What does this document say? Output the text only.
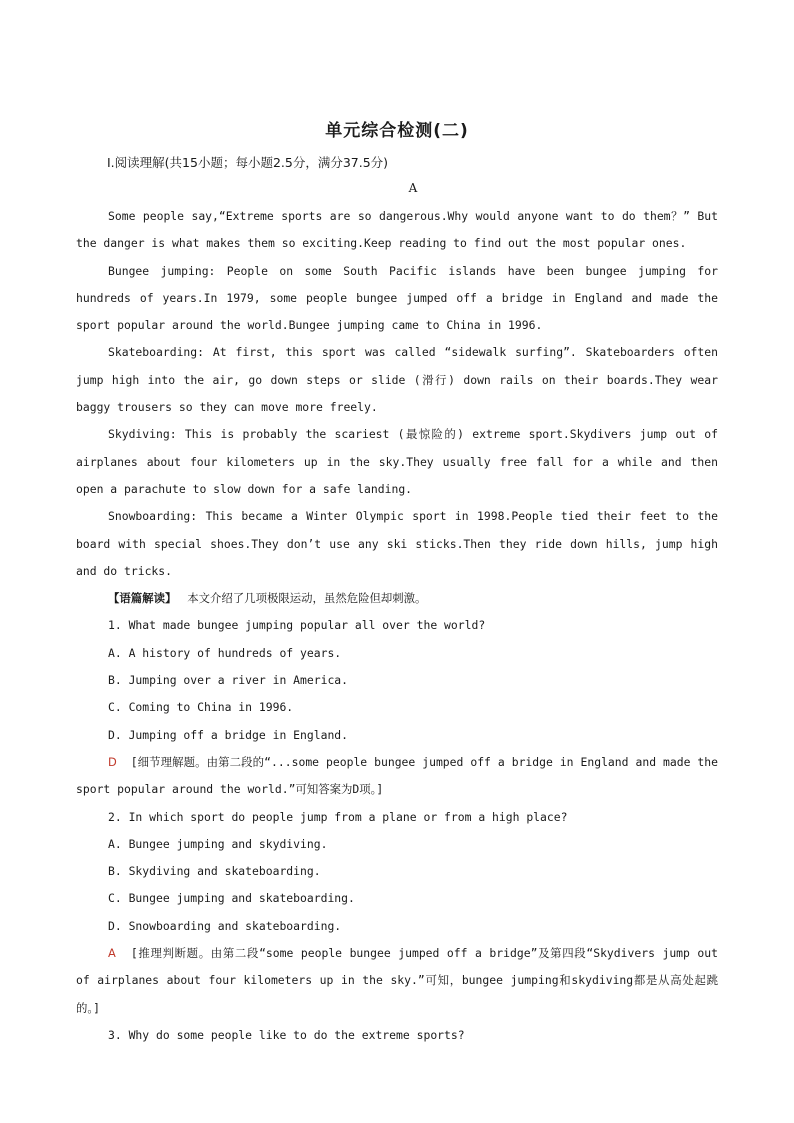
单元综合检测(二)
Ⅰ.阅读理解(共15小题；每小题2.5分，满分37.5分)
A

Some people say,“Extreme sports are so dangerous.Why would anyone want to do them？” But the danger is what makes them so exciting.Keep reading to find out the most popular ones.

Bungee jumping: People on some South Pacific islands have been bungee jumping for hundreds of years.In 1979, some people bungee jumped off a bridge in England and made the sport popular around the world.Bungee jumping came to China in 1996.

Skateboarding: At first, this sport was called “sidewalk surfing”. Skateboarders often jump high into the air, go down steps or slide (滑行) down rails on their boards.They wear baggy trousers so they can move more freely.

Skydiving: This is probably the scariest (最惊险的) extreme sport.Skydivers jump out of airplanes about four kilometers up in the sky.They usually free fall for a while and then open a parachute to slow down for a safe landing.

Snowboarding: This became a Winter Olympic sport in 1998.People tied their feet to the board with special shoes.They don’t use any ski sticks.Then they ride down hills, jump high and do tricks.

【语篇解读】 本文介绍了几项极限运动，虽然危险但却刺激。

1. What made bungee jumping popular all over the world?

A. A history of hundreds of years.

B. Jumping over a river in America.

C. Coming to China in 1996.

D. Jumping off a bridge in England.

D [细节理解题。由第二段的“...some people bungee jumped off a bridge in England and made the sport popular around the world.”可知答案为D项。]

2. In which sport do people jump from a plane or from a high place?

A. Bungee jumping and skydiving.

B. Skydiving and skateboarding.

C. Bungee jumping and skateboarding.

D. Snowboarding and skateboarding.

A [推理判断题。由第二段“some people bungee jumped off a bridge”及第四段“Skydivers jump out of airplanes about four kilometers up in the sky.”可知，bungee jumping和skydiving都是从高处起跳的。]

3. Why do some people like to do the extreme sports?
